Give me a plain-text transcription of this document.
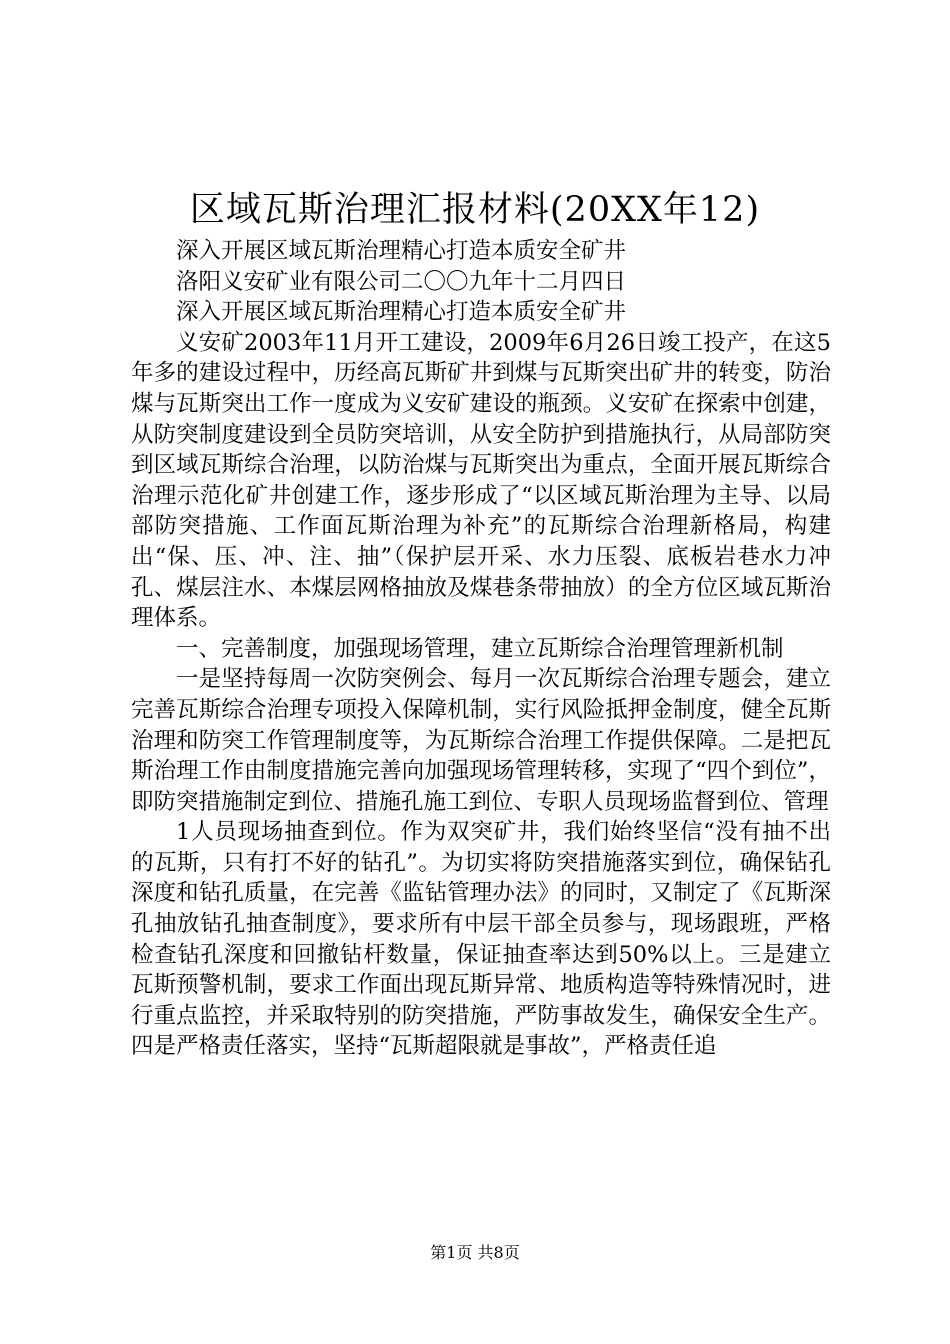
区域瓦斯治理汇报材料(20XX年12)

深入开展区域瓦斯治理精心打造本质安全矿井

洛阳义安矿业有限公司二〇〇九年十二月四日

深入开展区域瓦斯治理精心打造本质安全矿井

义安矿2003年11月开工建设，2009年6月26日竣工投产，在这5年多的建设过程中，历经高瓦斯矿井到煤与瓦斯突出矿井的转变，防治煤与瓦斯突出工作一度成为义安矿建设的瓶颈。义安矿在探索中创建，从防突制度建设到全员防突培训，从安全防护到措施执行，从局部防突到区域瓦斯综合治理，以防治煤与瓦斯突出为重点，全面开展瓦斯综合治理示范化矿井创建工作，逐步形成了“以区域瓦斯治理为主导、以局部防突措施、工作面瓦斯治理为补充”的瓦斯综合治理新格局，构建出“保、压、冲、注、抽”（保护层开采、水力压裂、底板岩巷水力冲孔、煤层注水、本煤层网格抽放及煤巷条带抽放）的全方位区域瓦斯治理体系。

一、完善制度，加强现场管理，建立瓦斯综合治理管理新机制

一是坚持每周一次防突例会、每月一次瓦斯综合治理专题会，建立完善瓦斯综合治理专项投入保障机制，实行风险抵押金制度，健全瓦斯治理和防突工作管理制度等，为瓦斯综合治理工作提供保障。二是把瓦斯治理工作由制度措施完善向加强现场管理转移，实现了“四个到位”，即防突措施制定到位、措施孔施工到位、专职人员现场监督到位、管理

1人员现场抽查到位。作为双突矿井，我们始终坚信“没有抽不出的瓦斯，只有打不好的钻孔”。为切实将防突措施落实到位，确保钻孔深度和钻孔质量，在完善《监钻管理办法》的同时，又制定了《瓦斯深孔抽放钻孔抽查制度》，要求所有中层干部全员参与，现场跟班，严格检查钻孔深度和回撤钻杆数量，保证抽查率达到50%以上。三是建立瓦斯预警机制，要求工作面出现瓦斯异常、地质构造等特殊情况时，进行重点监控，并采取特别的防突措施，严防事故发生，确保安全生产。四是严格责任落实，坚持“瓦斯超限就是事故”，严格责任追

第1页 共8页
